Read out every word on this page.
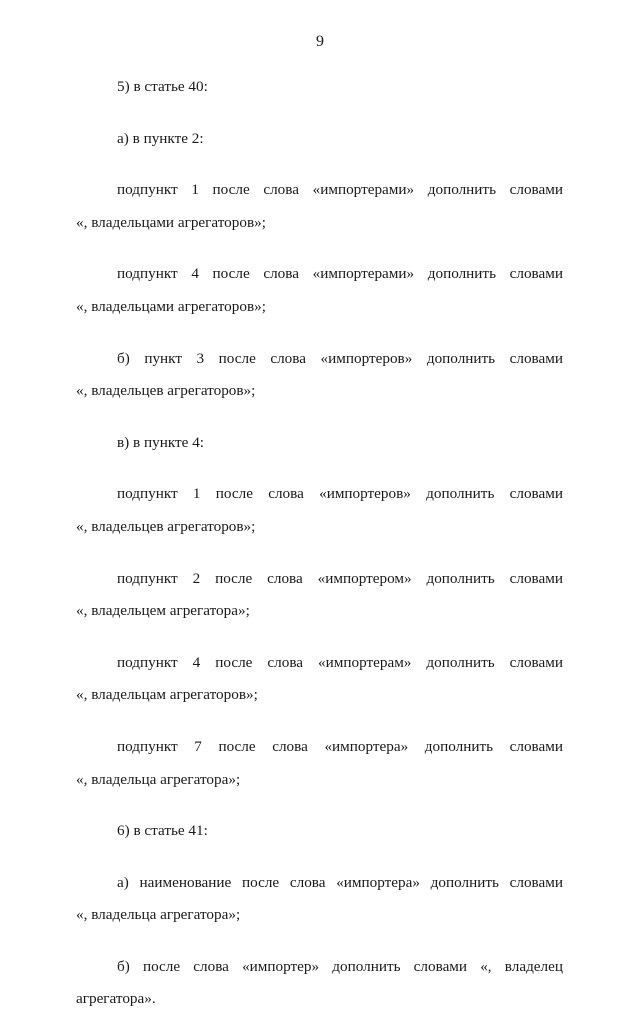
9

5) в статье 40:

а) в пункте 2:

подпункт 1 после слова «импортерами» дополнить словами
«, владельцами агрегаторов»;
подпункт 4 после слова «импортерами» дополнить словами
«, владельцами агрегаторов»;
б) пункт 3 после слова «импортеров» дополнить словами
«, владельцев агрегаторов»;

в) в пункте 4:

подпункт 1 после слова «импортеров» дополнить словами
«, владельцев агрегаторов»;
подпункт 2 после слова «импортером» дополнить словами
«, владельцем агрегатора»;
подпункт 4 после слова «импортерам» дополнить словами
«, владельцам агрегаторов»;
подпункт 7 после слова «импортера» дополнить словами
«, владельца агрегатора»;

6) в статье 41:

а) наименование после слова «импортера» дополнить словами
«, владельца агрегатора»;
б) после слова «импортер» дополнить словами «, владелец
агрегатора».
